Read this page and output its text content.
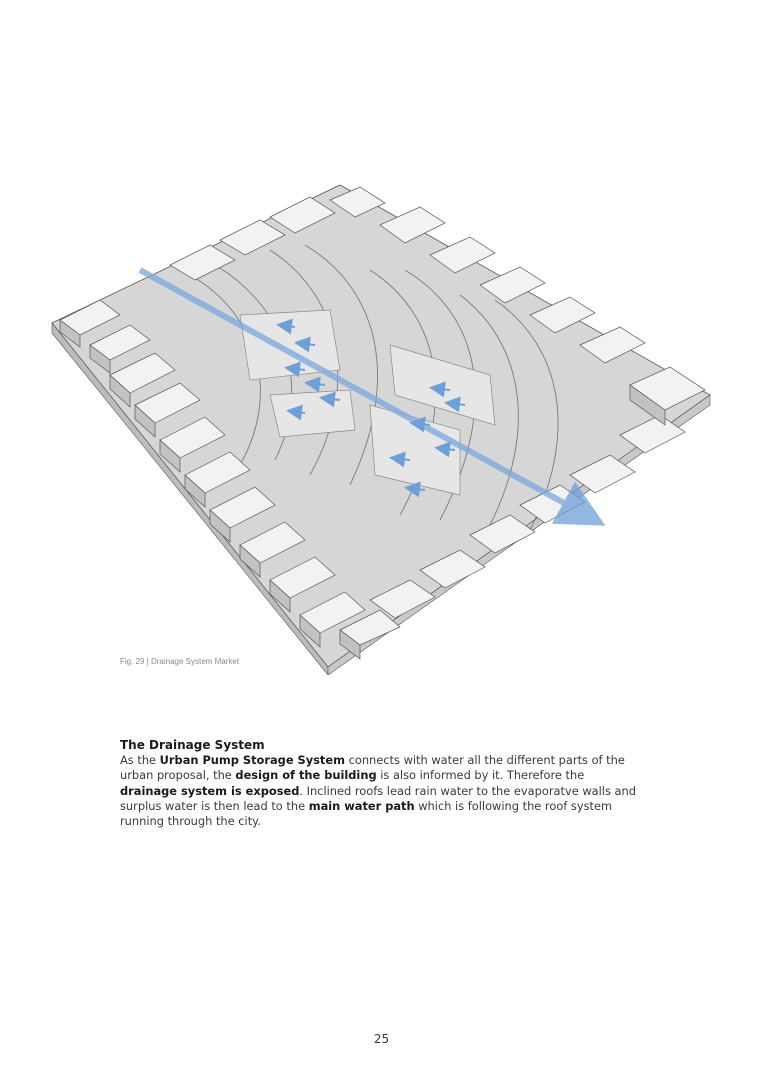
Fig. 29 | Drainage System Market
The Drainage System
As the Urban Pump Storage System connects with water all the different parts of the urban proposal, the design of the building is also informed by it. Therefore the drainage system is exposed. Inclined roofs lead rain water to the evaporatve walls and surplus water is then lead to the main water path which is following the roof system running through the city.
25
